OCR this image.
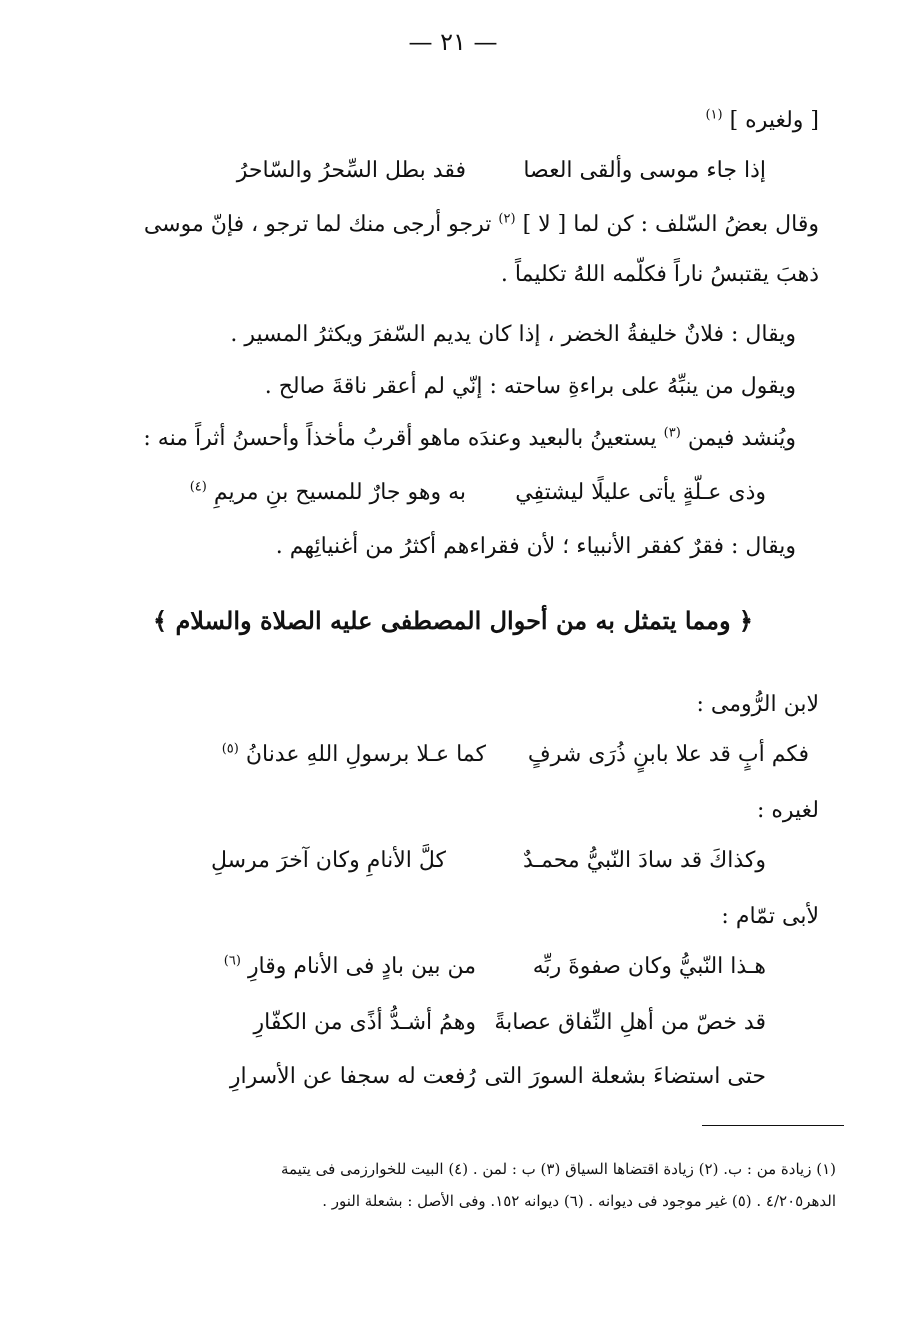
— ٢١ —
[ ولغيره ] $^{(١)}$
إذا جاء موسى وألقى العصا
فقد بطل السِّحرُ والسّاحرُ
وقال بعضُ السّلف : كن لما [ لا ] $^{(٢)}$ ترجو أرجى منك لما ترجو ، فإنّ موسى
ذهبَ يقتبسُ ناراً فكلّمه اللهُ تكليماً .
ويقال : فلانٌ خليفةُ الخضر ، إذا كان يديم السّفرَ ويكثرُ المسير .
ويقول من ينبِّهُ على براءةِ ساحته : إنّي لم أعقر ناقةَ صالح .
ويُنشد فيمن $^{(٣)}$ يستعينُ بالبعيد وعندَه ماهو أقربُ مأخذاً وأحسنُ أثراً منه :
وذى عـلّةٍ يأتى عليلًا ليشتفِي
به وهو جارٌ للمسيح بنِ مريمِ $^{(٤)}$
ويقال : فقرٌ كفقر الأنبياء ؛ لأن فقراءهم أكثرُ من أغنيائِهم .
﴿ ومما يتمثل به من أحوال المصطفى عليه الصلاة والسلام ﴾
لابن الرُّومى :
فكم أبٍ قد علا بابنٍ ذُرَى شرفٍ
كما عـلا برسولِ اللهِ عدنانُ $^{(٥)}$
لغيره :
وكذاكَ قد سادَ النّبيُّ محمـدٌ
كلَّ الأنامِ وكان آخرَ مرسلِ
لأبى تمّام :
هـذا النّبيُّ وكان صفوةَ ربِّه
من بين بادٍ فى الأنام وقارِ $^{(٦)}$
قد خصّ من أهلِ النِّفاق عصابةً
وهمُ أشـدُّ أذًى من الكفّارِ
حتى استضاءَ بشعلة السورَ التى
رُفعت له سجفا عن الأسرارِ
(١) زيادة من : ب. (٢) زيادة اقتضاها السياق (٣) ب : لمن . (٤) البيت للخوارزمى فى يتيمة
الدهر٤/٢٠٥ . (٥) غير موجود فى ديوانه . (٦) ديوانه ١٥٢. وفى الأصل : بشعلة النور .
